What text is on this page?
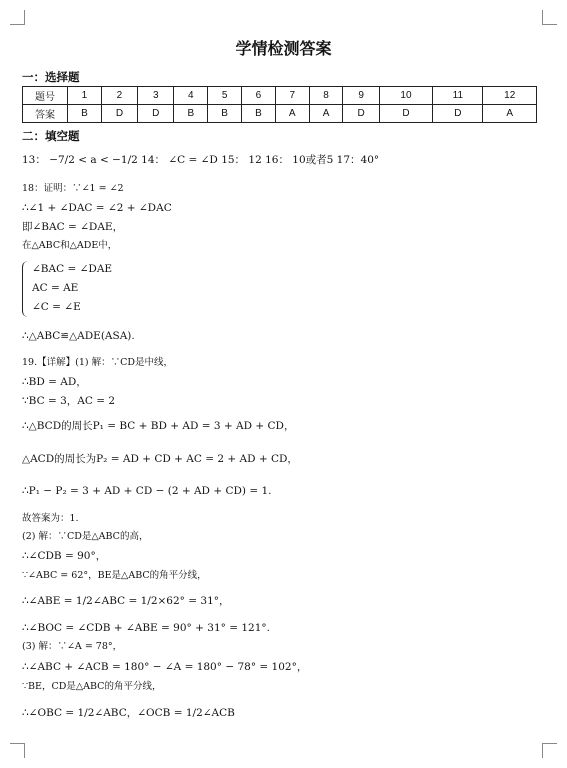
学情检测答案
一：选择题
题号	1	2	3	4	5	6	7	8	9	10	11	12
答案	B	D	D	B	B	B	A	A	D	D	D	A
二：填空题
13： −7/2 < a < −1/2 14： ∠C = ∠D 15： 12 16： 10或者5 17：40°
18：证明：∵∠1 = ∠2
∴∠1 + ∠DAC = ∠2 + ∠DAC
即∠BAC = ∠DAE，
在△ABC和△ADE中，
∠BAC = ∠DAE
AC = AE
∠C = ∠E
∴△ABC≌△ADE(ASA).
19.【详解】(1) 解：∵CD是中线，
∴BD = AD，
∵BC = 3，AC = 2
∴△BCD的周长P₁ = BC + BD + AD = 3 + AD + CD，
△ACD的周长为P₂ = AD + CD + AC = 2 + AD + CD，
∴P₁ − P₂ = 3 + AD + CD − (2 + AD + CD) = 1.
故答案为：1.
(2) 解：∵CD是△ABC的高，
∴∠CDB = 90°，
∵∠ABC = 62°，BE是△ABC的角平分线，
∴∠ABE = 1/2∠ABC = 1/2×62° = 31°，
∴∠BOC = ∠CDB + ∠ABE = 90° + 31° = 121°.
(3) 解：∵∠A = 78°，
∴∠ABC + ∠ACB = 180° − ∠A = 180° − 78° = 102°，
∵BE，CD是△ABC的角平分线，
∴∠OBC = 1/2∠ABC，∠OCB = 1/2∠ACB
